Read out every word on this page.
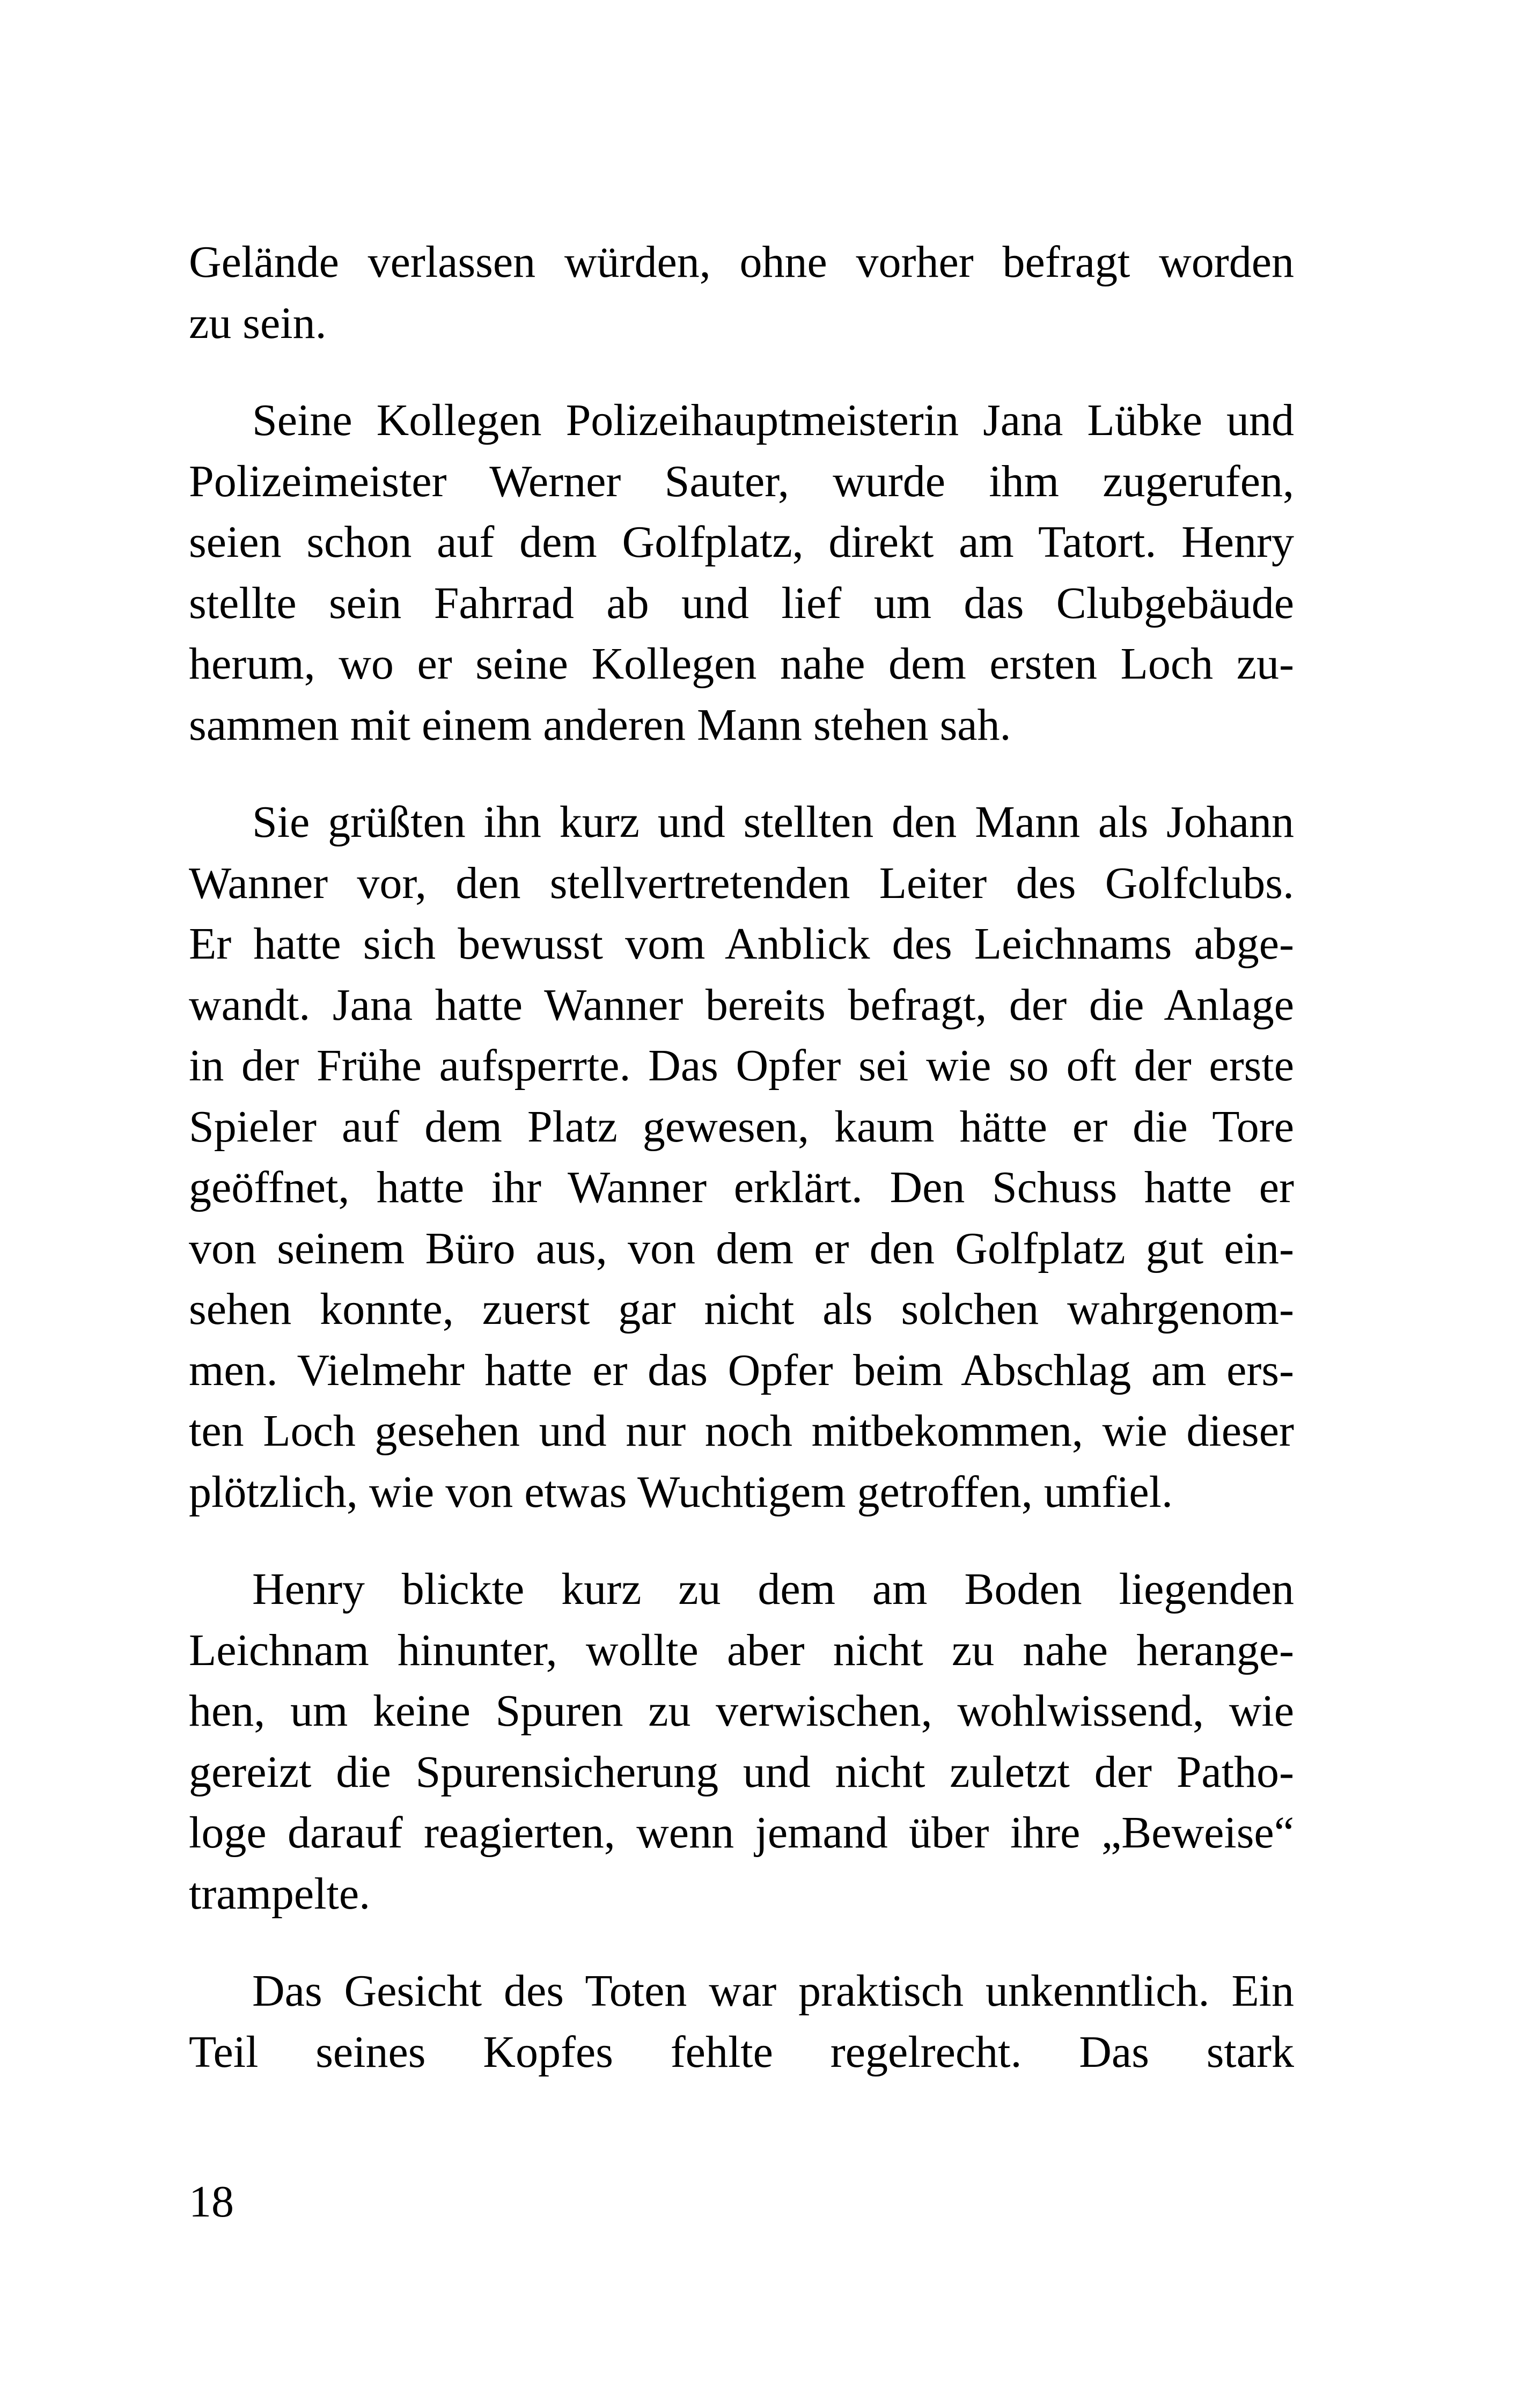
Gelände verlassen würden, ohne vorher befragt worden
zu sein.

Seine Kollegen Polizeihauptmeisterin Jana Lübke und
Polizeimeister Werner Sauter, wurde ihm zugerufen,
seien schon auf dem Golfplatz, direkt am Tatort. Henry
stellte sein Fahrrad ab und lief um das Clubgebäude
herum, wo er seine Kollegen nahe dem ersten Loch zu-
sammen mit einem anderen Mann stehen sah.

Sie grüßten ihn kurz und stellten den Mann als Johann
Wanner vor, den stellvertretenden Leiter des Golfclubs.
Er hatte sich bewusst vom Anblick des Leichnams abge-
wandt. Jana hatte Wanner bereits befragt, der die Anlage
in der Frühe aufsperrte. Das Opfer sei wie so oft der erste
Spieler auf dem Platz gewesen, kaum hätte er die Tore
geöffnet, hatte ihr Wanner erklärt. Den Schuss hatte er
von seinem Büro aus, von dem er den Golfplatz gut ein-
sehen konnte, zuerst gar nicht als solchen wahrgenom-
men. Vielmehr hatte er das Opfer beim Abschlag am ers-
ten Loch gesehen und nur noch mitbekommen, wie dieser
plötzlich, wie von etwas Wuchtigem getroffen, umfiel.

Henry blickte kurz zu dem am Boden liegenden
Leichnam hinunter, wollte aber nicht zu nahe herange-
hen, um keine Spuren zu verwischen, wohlwissend, wie
gereizt die Spurensicherung und nicht zuletzt der Patho-
loge darauf reagierten, wenn jemand über ihre „Beweise“
trampelte.

Das Gesicht des Toten war praktisch unkenntlich. Ein
Teil seines Kopfes fehlte regelrecht. Das stark

18
